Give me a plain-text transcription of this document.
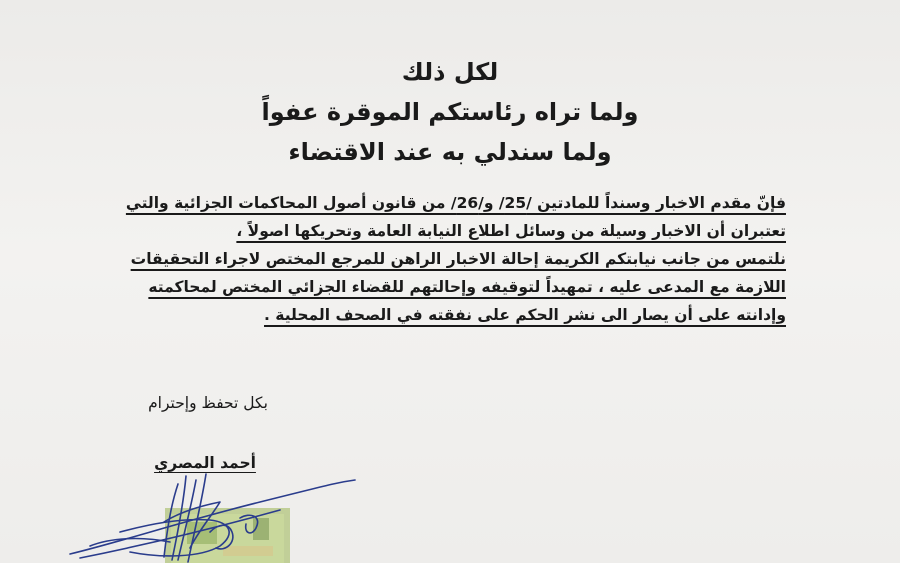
لكل ذلك
ولما تراه رئاستكم الموقرة عفواً
ولما سندلي به عند الاقتضاء
فإنّ مقدم الاخبار وسنداً للمادتين /25/ و/26/ من قانون أصول المحاكمات الجزائية والتي
تعتبران أن الاخبار وسيلة من وسائل اطلاع النيابة العامة وتحريكها اصولاً ،
نلتمس من جانب نيابتكم الكريمة إحالة الاخبار الراهن للمرجع المختص لاجراء التحقيقات
اللازمة مع المدعى عليه ، تمهيداً لتوقيفه وإحالتهم للقضاء الجزائي المختص لمحاكمته
وإدانته على أن يصار الى نشر الحكم على نفقته في الصحف المحلية .
بكل تحفظ وإحترام
أحمد المصري
